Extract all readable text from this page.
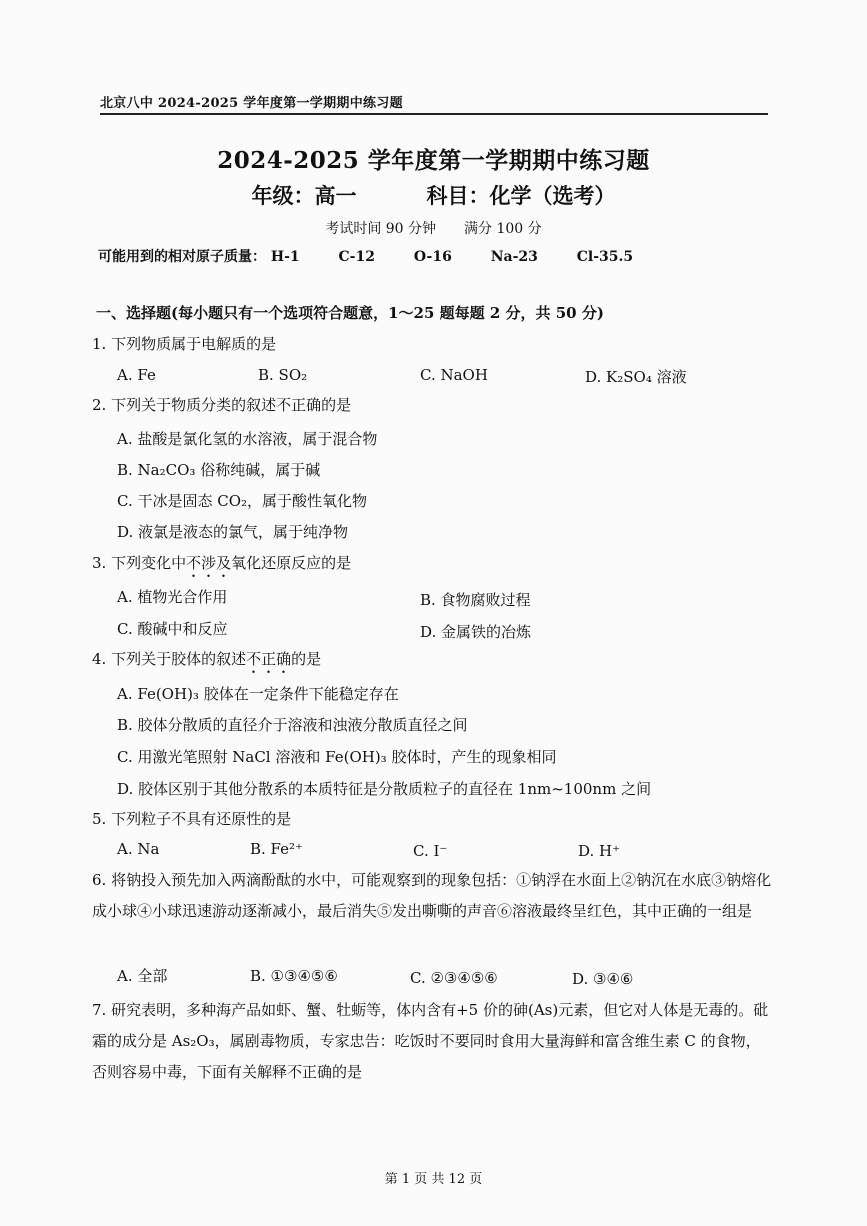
北京八中 2024-2025 学年度第一学期期中练习题
2024-2025 学年度第一学期期中练习题
年级：高一	科目：化学（选考）
考试时间 90 分钟 满分 100 分
可能用到的相对原子质量： H-1	C-12	O-16	Na-23	Cl-35.5
一、选择题(每小题只有一个选项符合题意，1～25 题每题 2 分，共 50 分)
1. 下列物质属于电解质的是
A. Fe	B. SO₂	C. NaOH	D. K₂SO₄ 溶液
2. 下列关于物质分类的叙述不正确的是
A. 盐酸是氯化氢的水溶液，属于混合物
B. Na₂CO₃ 俗称纯碱，属于碱
C. 干冰是固态 CO₂，属于酸性氧化物
D. 液氯是液态的氯气，属于纯净物
3. 下列变化中不涉及氧化还原反应的是
A. 植物光合作用	B. 食物腐败过程
C. 酸碱中和反应	D. 金属铁的冶炼
4. 下列关于胶体的叙述不正确的是
A. Fe(OH)₃ 胶体在一定条件下能稳定存在
B. 胶体分散质的直径介于溶液和浊液分散质直径之间
C. 用激光笔照射 NaCl 溶液和 Fe(OH)₃ 胶体时，产生的现象相同
D. 胶体区别于其他分散系的本质特征是分散质粒子的直径在 1nm~100nm 之间
5. 下列粒子不具有还原性的是
A. Na	B. Fe²⁺	C. I⁻	D. H⁺
6. 将钠投入预先加入两滴酚酞的水中，可能观察到的现象包括：①钠浮在水面上②钠沉在水底③钠熔化成小球④小球迅速游动逐渐减小，最后消失⑤发出嘶嘶的声音⑥溶液最终呈红色，其中正确的一组是
A. 全部	B. ①③④⑤⑥	C. ②③④⑤⑥	D. ③④⑥
7. 研究表明，多种海产品如虾、蟹、牡蛎等，体内含有+5 价的砷(As)元素，但它对人体是无毒的。砒霜的成分是 As₂O₃，属剧毒物质，专家忠告：吃饭时不要同时食用大量海鲜和富含维生素 C 的食物，否则容易中毒，下面有关解释不正确的是
第 1 页 共 12 页
